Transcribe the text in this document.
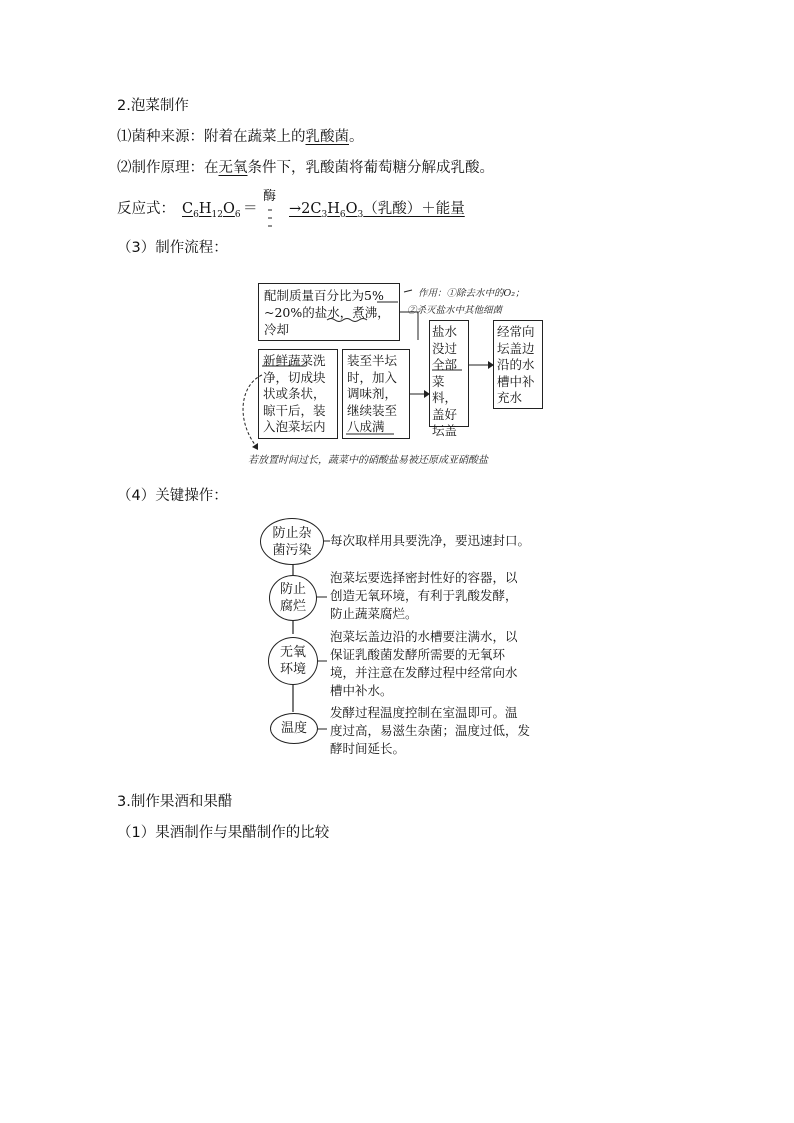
2.泡菜制作
⑴菌种来源：附着在蔬菜上的乳酸菌。
⑵制作原理：在无氧条件下，乳酸菌将葡萄糖分解成乳酸。
反应式： $C_6H_{12}O_6$ ＝
酶
$\to 2C_3H_6O_3$（乳酸）＋能量
（3）制作流程：
配制质量百分比为5%
~20%的盐水，煮沸，
冷却
作用：①除去水中的O₂；
②杀灭盐水中其他细菌
新鲜蔬菜洗
净，切成块
状或条状，
晾干后，装
入泡菜坛内
装至半坛
时，加入
调味剂，
继续装至
八成满
盐水
没过
全部
菜料，
盖好
坛盖
经常向
坛盖边
沿的水
槽中补
充水
若放置时间过长，蔬菜中的硝酸盐易被还原成亚硝酸盐
（4）关键操作：
防止杂
菌污染
每次取样用具要洗净，要迅速封口。
防止
腐烂
泡菜坛要选择密封性好的容器，以
创造无氧环境，有利于乳酸发酵，
防止蔬菜腐烂。
无氧
环境
泡菜坛盖边沿的水槽要注满水，以
保证乳酸菌发酵所需要的无氧环
境，并注意在发酵过程中经常向水
槽中补水。
温度
发酵过程温度控制在室温即可。温
度过高，易滋生杂菌；温度过低，发
酵时间延长。
3.制作果酒和果醋
（1）果酒制作与果醋制作的比较
